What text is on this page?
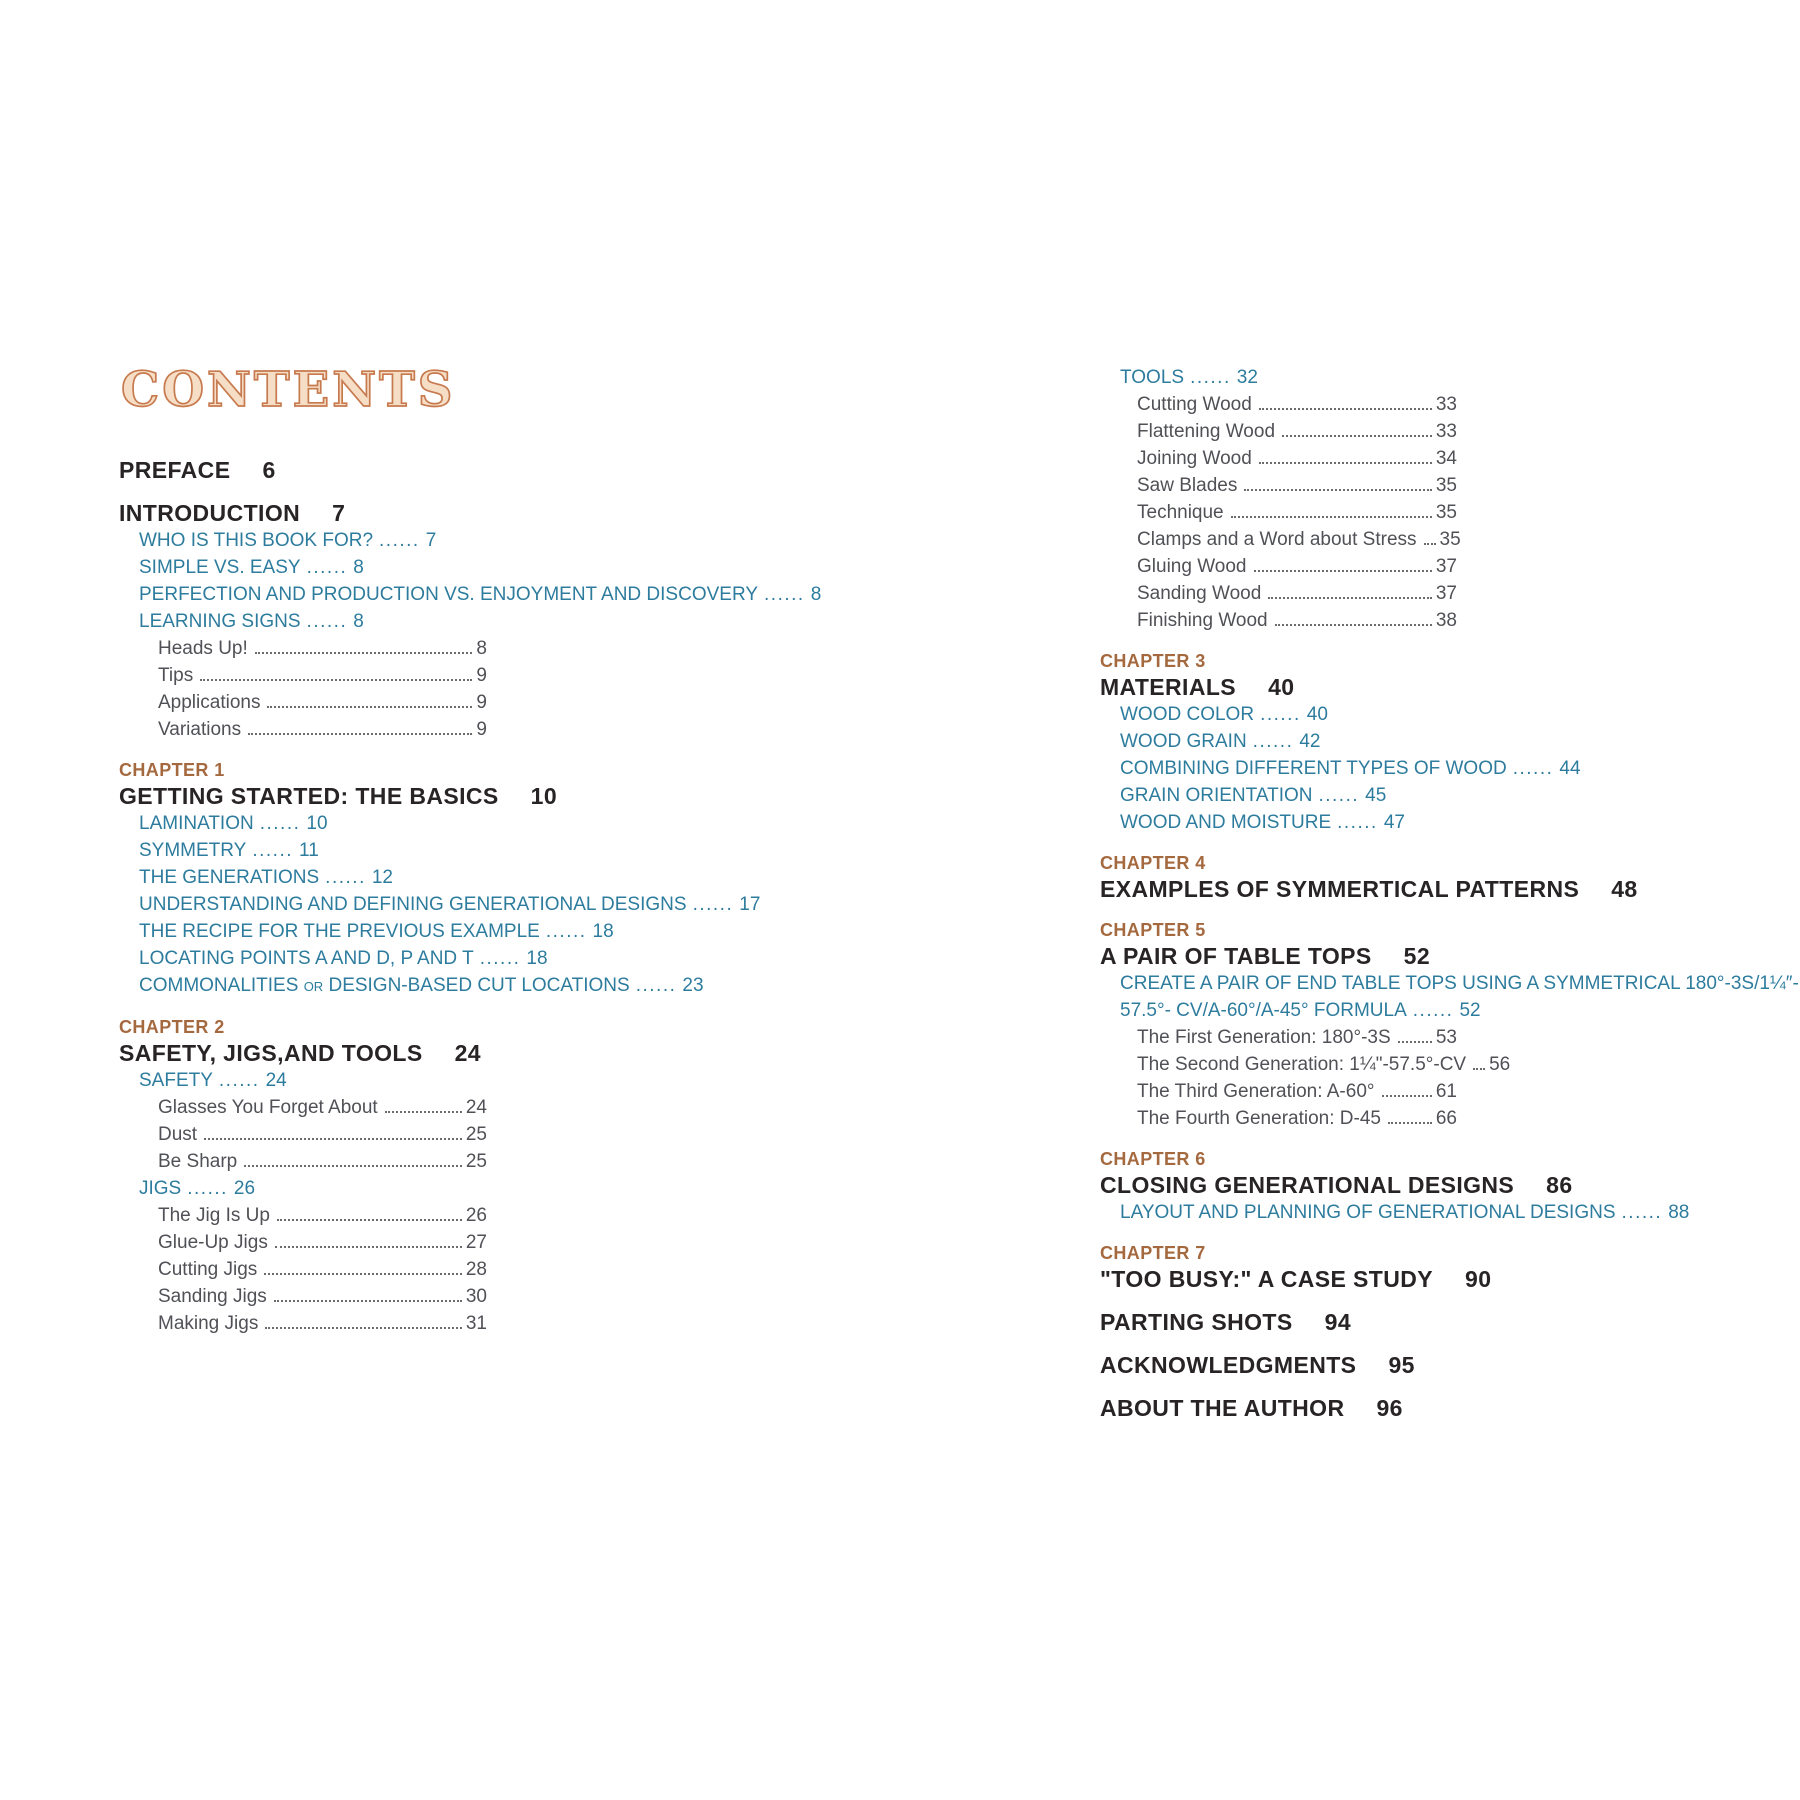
CONTENTS
PREFACE 6
INTRODUCTION 7
WHO IS THIS BOOK FOR? ...... 7
SIMPLE VS. EASY ...... 8
PERFECTION AND PRODUCTION VS. ENJOYMENT AND DISCOVERY ...... 8
LEARNING SIGNS ...... 8
Heads Up!	8
Tips	9
Applications	9
Variations	9
CHAPTER 1
GETTING STARTED: THE BASICS 10
LAMINATION ...... 10
SYMMETRY ...... 11
THE GENERATIONS ...... 12
UNDERSTANDING AND DEFINING GENERATIONAL DESIGNS ...... 17
THE RECIPE FOR THE PREVIOUS EXAMPLE ...... 18
LOCATING POINTS A AND D, P AND T ...... 18
COMMONALITIES OR DESIGN-BASED CUT LOCATIONS ...... 23
CHAPTER 2
SAFETY, JIGS,AND TOOLS 24
SAFETY ...... 24
Glasses You Forget About	24
Dust	25
Be Sharp	25
JIGS ...... 26
The Jig Is Up	26
Glue-Up Jigs	27
Cutting Jigs	28
Sanding Jigs	30
Making Jigs	31
TOOLS ...... 32
Cutting Wood	33
Flattening Wood	33
Joining Wood	34
Saw Blades	35
Technique	35
Clamps and a Word about Stress 35
Gluing Wood	37
Sanding Wood	37
Finishing Wood	38
CHAPTER 3
MATERIALS 40
WOOD COLOR ...... 40
WOOD GRAIN ...... 42
COMBINING DIFFERENT TYPES OF WOOD ...... 44
GRAIN ORIENTATION ...... 45
WOOD AND MOISTURE ...... 47
CHAPTER 4
EXAMPLES OF SYMMERTICAL PATTERNS 48
CHAPTER 5
A PAIR OF TABLE TOPS 52
CREATE A PAIR OF END TABLE TOPS USING A SYMMETRICAL 180°-3S/1¼″-
57.5°- CV/A-60°/A-45° FORMULA ...... 52
The First Generation: 180°-3S 53
The Second Generation: 1¼"-57.5°-CV 56
The Third Generation: A-60°	61
The Fourth Generation: D-45	66
CHAPTER 6
CLOSING GENERATIONAL DESIGNS 86
LAYOUT AND PLANNING OF GENERATIONAL DESIGNS ...... 88
CHAPTER 7
"TOO BUSY:" A CASE STUDY 90
PARTING SHOTS 94
ACKNOWLEDGMENTS 95
ABOUT THE AUTHOR 96
